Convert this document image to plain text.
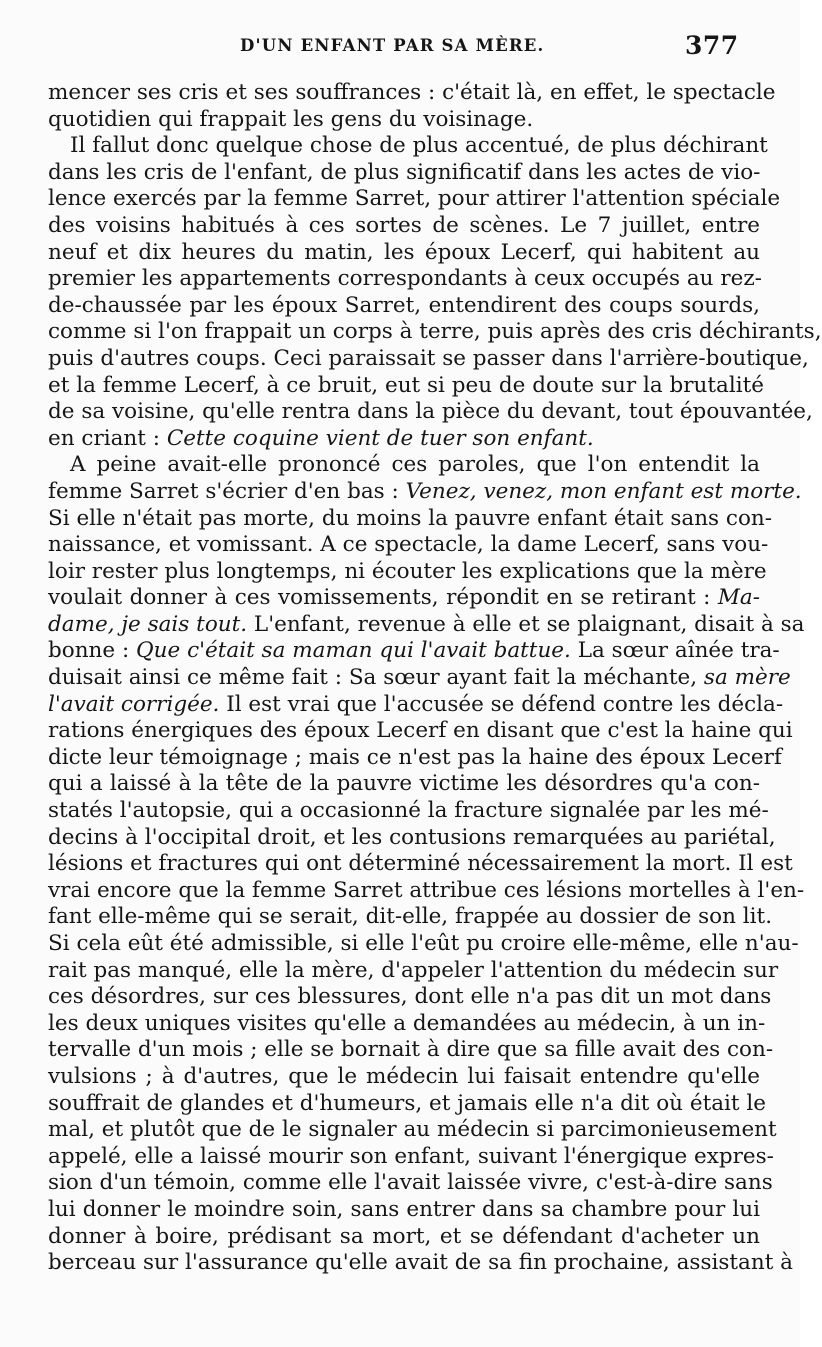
D'UN ENFANT PAR SA MÈRE.	377
mencer ses cris et ses souffrances : c'était là, en effet, le spectacle
quotidien qui frappait les gens du voisinage.
Il fallut donc quelque chose de plus accentué, de plus déchirant
dans les cris de l'enfant, de plus significatif dans les actes de vio-
lence exercés par la femme Sarret, pour attirer l'attention spéciale
des voisins habitués à ces sortes de scènes. Le 7 juillet, entre
neuf et dix heures du matin, les époux Lecerf, qui habitent au
premier les appartements correspondants à ceux occupés au rez-
de-chaussée par les époux Sarret, entendirent des coups sourds,
comme si l'on frappait un corps à terre, puis après des cris déchirants,
puis d'autres coups. Ceci paraissait se passer dans l'arrière-boutique,
et la femme Lecerf, à ce bruit, eut si peu de doute sur la brutalité
de sa voisine, qu'elle rentra dans la pièce du devant, tout épouvantée,
en criant : Cette coquine vient de tuer son enfant.
A peine avait-elle prononcé ces paroles, que l'on entendit la
femme Sarret s'écrier d'en bas : Venez, venez, mon enfant est morte.
Si elle n'était pas morte, du moins la pauvre enfant était sans con-
naissance, et vomissant. A ce spectacle, la dame Lecerf, sans vou-
loir rester plus longtemps, ni écouter les explications que la mère
voulait donner à ces vomissements, répondit en se retirant : Ma-
dame, je sais tout. L'enfant, revenue à elle et se plaignant, disait à sa
bonne : Que c'était sa maman qui l'avait battue. La sœur aînée tra-
duisait ainsi ce même fait : Sa sœur ayant fait la méchante, sa mère
l'avait corrigée. Il est vrai que l'accusée se défend contre les décla-
rations énergiques des époux Lecerf en disant que c'est la haine qui
dicte leur témoignage ; mais ce n'est pas la haine des époux Lecerf
qui a laissé à la tête de la pauvre victime les désordres qu'a con-
statés l'autopsie, qui a occasionné la fracture signalée par les mé-
decins à l'occipital droit, et les contusions remarquées au pariétal,
lésions et fractures qui ont déterminé nécessairement la mort. Il est
vrai encore que la femme Sarret attribue ces lésions mortelles à l'en-
fant elle-même qui se serait, dit-elle, frappée au dossier de son lit.
Si cela eût été admissible, si elle l'eût pu croire elle-même, elle n'au-
rait pas manqué, elle la mère, d'appeler l'attention du médecin sur
ces désordres, sur ces blessures, dont elle n'a pas dit un mot dans
les deux uniques visites qu'elle a demandées au médecin, à un in-
tervalle d'un mois ; elle se bornait à dire que sa fille avait des con-
vulsions ; à d'autres, que le médecin lui faisait entendre qu'elle
souffrait de glandes et d'humeurs, et jamais elle n'a dit où était le
mal, et plutôt que de le signaler au médecin si parcimonieusement
appelé, elle a laissé mourir son enfant, suivant l'énergique expres-
sion d'un témoin, comme elle l'avait laissée vivre, c'est-à-dire sans
lui donner le moindre soin, sans entrer dans sa chambre pour lui
donner à boire, prédisant sa mort, et se défendant d'acheter un
berceau sur l'assurance qu'elle avait de sa fin prochaine, assistant à
